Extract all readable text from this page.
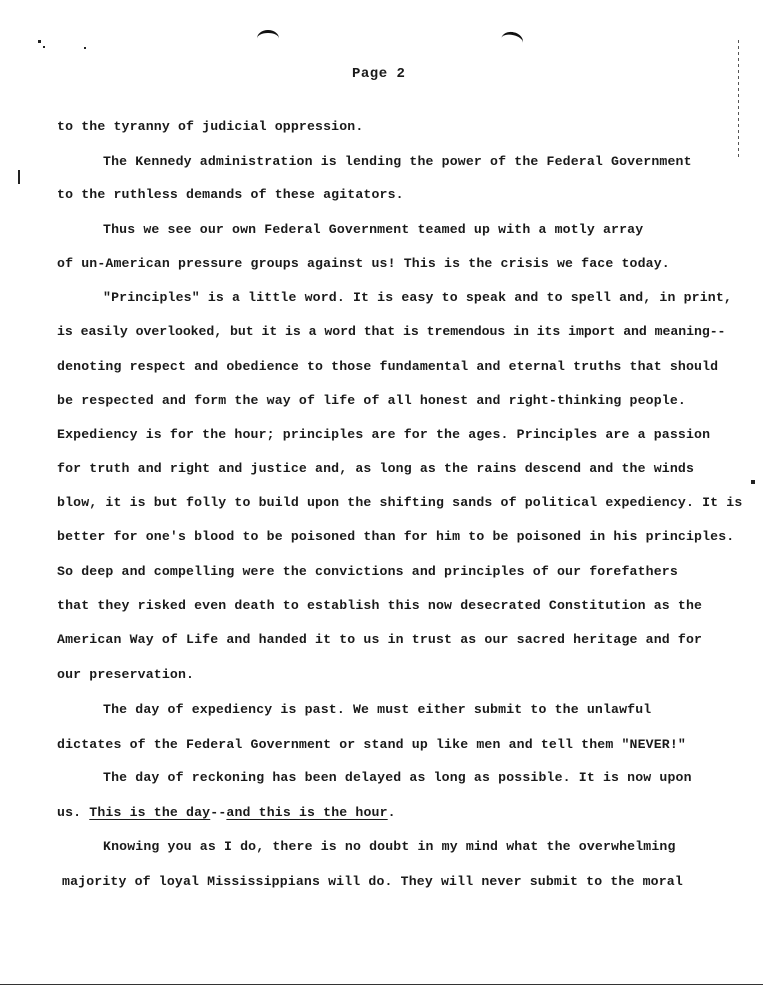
Page 2
to the tyranny of judicial oppression.
The Kennedy administration is lending the power of the Federal Government
to the ruthless demands of these agitators.
Thus we see our own Federal Government teamed up with a motly array
of un-American pressure groups against us! This is the crisis we face today.
"Principles" is a little word. It is easy to speak and to spell and, in print,
is easily overlooked, but it is a word that is tremendous in its import and meaning--
denoting respect and obedience to those fundamental and eternal truths that should
be respected and form the way of life of all honest and right-thinking people.
Expediency is for the hour; principles are for the ages. Principles are a passion
for truth and right and justice and, as long as the rains descend and the winds
blow, it is but folly to build upon the shifting sands of political expediency. It is
better for one's blood to be poisoned than for him to be poisoned in his principles.
So deep and compelling were the convictions and principles of our forefathers
that they risked even death to establish this now desecrated Constitution as the
American Way of Life and handed it to us in trust as our sacred heritage and for
our preservation.
The day of expediency is past. We must either submit to the unlawful
dictates of the Federal Government or stand up like men and tell them "NEVER!"
The day of reckoning has been delayed as long as possible. It is now upon
us. This is the day--and this is the hour.
Knowing you as I do, there is no doubt in my mind what the overwhelming
majority of loyal Mississippians will do. They will never submit to the moral
